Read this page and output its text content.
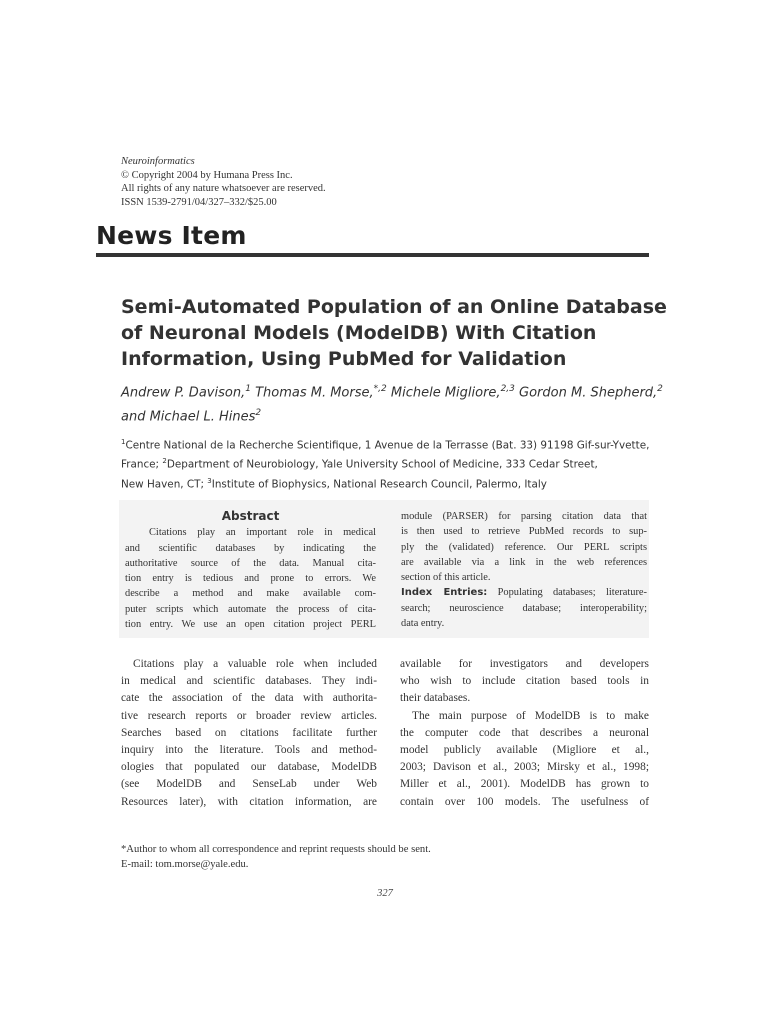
Neuroinformatics
© Copyright 2004 by Humana Press Inc.
All rights of any nature whatsoever are reserved.
ISSN 1539-2791/04/327–332/$25.00
News Item
Semi-Automated Population of an Online Database
of Neuronal Models (ModelDB) With Citation
Information, Using PubMed for Validation
Andrew P. Davison,$^1$ Thomas M. Morse,$^{*,2}$ Michele Migliore,$^{2,3}$ Gordon M. Shepherd,$^2$
and Michael L. Hines$^2$
$^1$Centre National de la Recherche Scientifique, 1 Avenue de la Terrasse (Bat. 33) 91198 Gif-sur-Yvette,
France; $^2$Department of Neurobiology, Yale University School of Medicine, 333 Cedar Street,
New Haven, CT; $^3$Institute of Biophysics, National Research Council, Palermo, Italy
Abstract
Citations play an important role in medical
and scientific databases by indicating the
authoritative source of the data. Manual cita-
tion entry is tedious and prone to errors. We
describe a method and make available com-
puter scripts which automate the process of cita-
tion entry. We use an open citation project PERL
module (PARSER) for parsing citation data that
is then used to retrieve PubMed records to sup-
ply the (validated) reference. Our PERL scripts
are available via a link in the web references
section of this article.
Index Entries: Populating databases; literature-
search; neuroscience database; interoperability;
data entry.
Citations play a valuable role when included
in medical and scientific databases. They indi-
cate the association of the data with authorita-
tive research reports or broader review articles.
Searches based on citations facilitate further
inquiry into the literature. Tools and method-
ologies that populated our database, ModelDB
(see ModelDB and SenseLab under Web
Resources later), with citation information, are
available for investigators and developers
who wish to include citation based tools in
their databases.
The main purpose of ModelDB is to make
the computer code that describes a neuronal
model publicly available (Migliore et al.,
2003; Davison et al., 2003; Mirsky et al., 1998;
Miller et al., 2001). ModelDB has grown to
contain over 100 models. The usefulness of
*Author to whom all correspondence and reprint requests should be sent.
E-mail: tom.morse@yale.edu.
327
